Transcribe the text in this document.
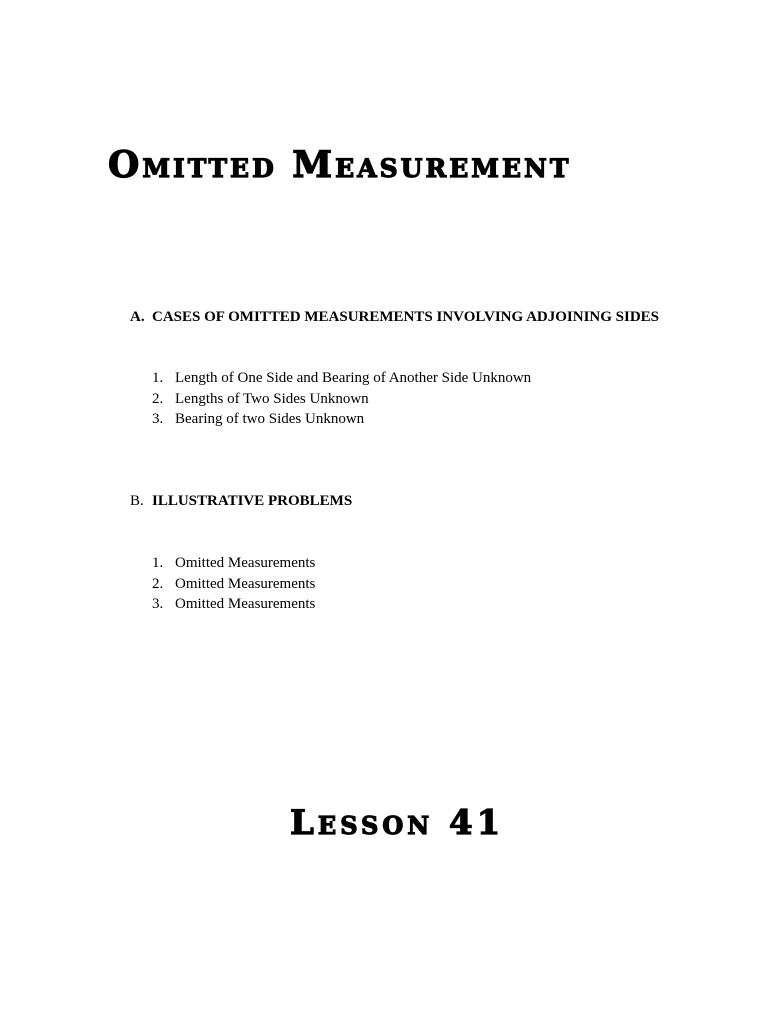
Omitted Measurement
A. CASES OF OMITTED MEASUREMENTS INVOLVING ADJOINING SIDES
1. Length of One Side and Bearing of Another Side Unknown
2. Lengths of Two Sides Unknown
3. Bearing of two Sides Unknown
B. ILLUSTRATIVE PROBLEMS
1. Omitted Measurements
2. Omitted Measurements
3. Omitted Measurements
Lesson 41
